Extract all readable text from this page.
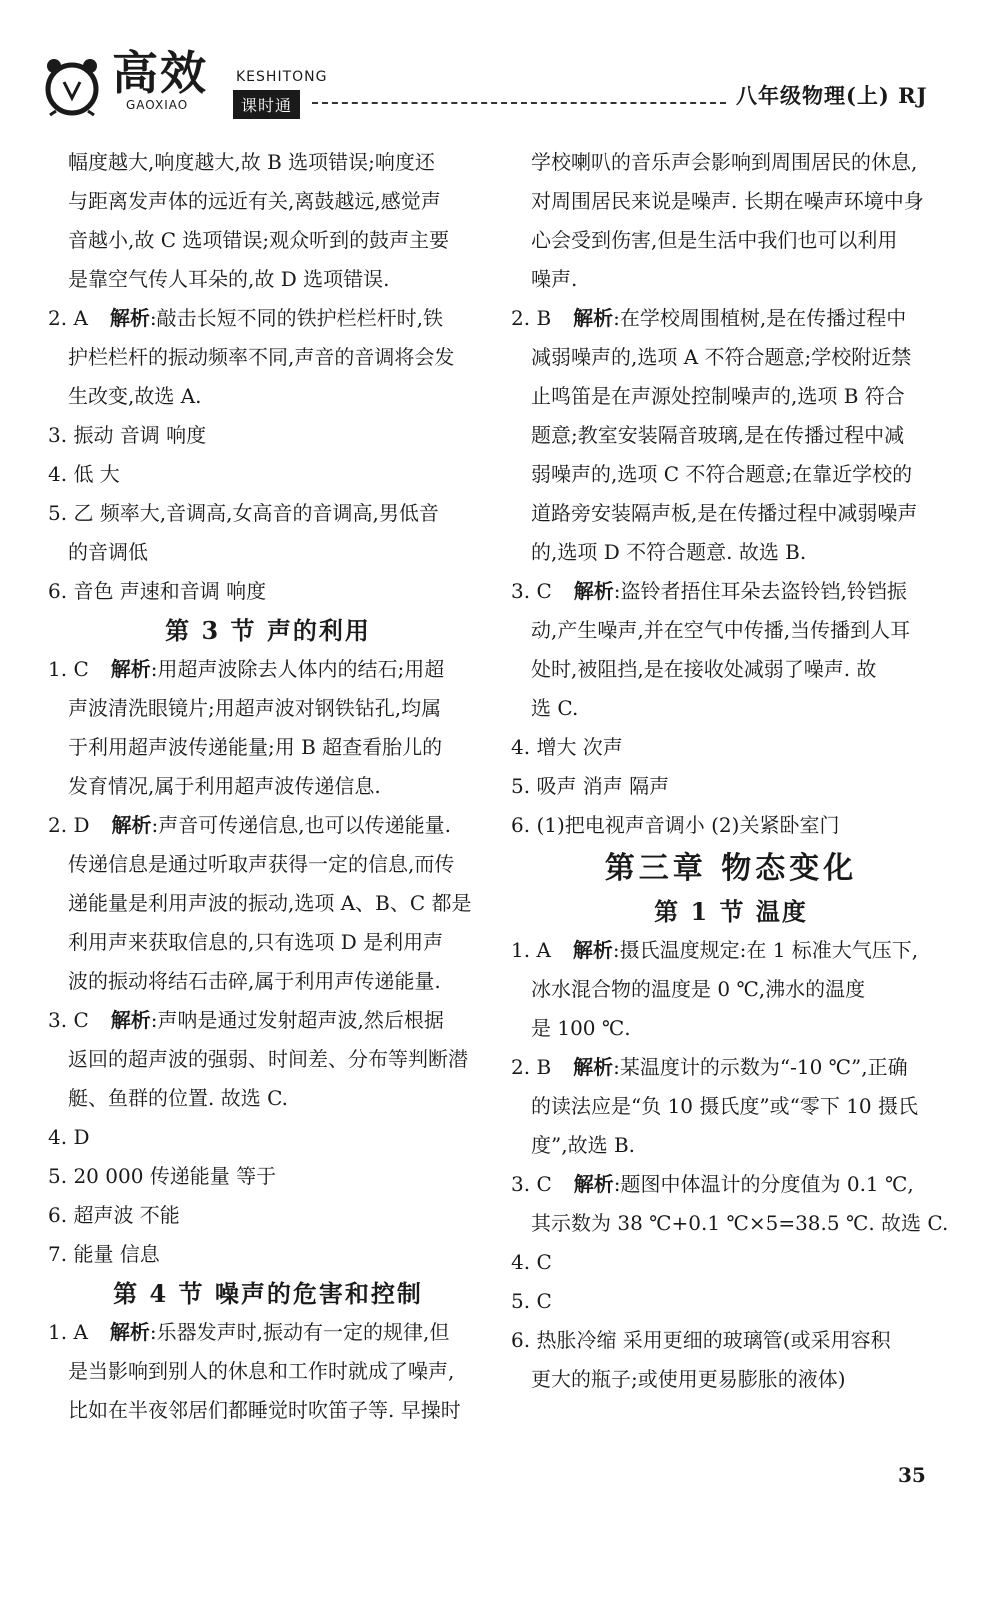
高效 KESHITONG
GAOXIAO	课时通	八年级物理(上) RJ
幅度越大,响度越大,故 B 选项错误;响度还
与距离发声体的远近有关,离鼓越远,感觉声
音越小,故 C 选项错误;观众听到的鼓声主要
是靠空气传人耳朵的,故 D 选项错误.
2. A 解析:敲击长短不同的铁护栏栏杆时,铁
护栏栏杆的振动频率不同,声音的音调将会发
生改变,故选 A.
3. 振动 音调 响度
4. 低 大
5. 乙 频率大,音调高,女高音的音调高,男低音
的音调低
6. 音色 声速和音调 响度
第 3 节 声的利用
1. C 解析:用超声波除去人体内的结石;用超
声波清洗眼镜片;用超声波对钢铁钻孔,均属
于利用超声波传递能量;用 B 超查看胎儿的
发育情况,属于利用超声波传递信息.
2. D 解析:声音可传递信息,也可以传递能量.
传递信息是通过听取声获得一定的信息,而传
递能量是利用声波的振动,选项 A、B、C 都是
利用声来获取信息的,只有选项 D 是利用声
波的振动将结石击碎,属于利用声传递能量.
3. C 解析:声呐是通过发射超声波,然后根据
返回的超声波的强弱、时间差、分布等判断潜
艇、鱼群的位置. 故选 C.
4. D
5. 20 000 传递能量 等于
6. 超声波 不能
7. 能量 信息
第 4 节 噪声的危害和控制
1. A 解析:乐器发声时,振动有一定的规律,但
是当影响到别人的休息和工作时就成了噪声,
比如在半夜邻居们都睡觉时吹笛子等. 早操时
学校喇叭的音乐声会影响到周围居民的休息,
对周围居民来说是噪声. 长期在噪声环境中身
心会受到伤害,但是生活中我们也可以利用
噪声.
2. B 解析:在学校周围植树,是在传播过程中
减弱噪声的,选项 A 不符合题意;学校附近禁
止鸣笛是在声源处控制噪声的,选项 B 符合
题意;教室安装隔音玻璃,是在传播过程中减
弱噪声的,选项 C 不符合题意;在靠近学校的
道路旁安装隔声板,是在传播过程中减弱噪声
的,选项 D 不符合题意. 故选 B.
3. C 解析:盗铃者捂住耳朵去盗铃铛,铃铛振
动,产生噪声,并在空气中传播,当传播到人耳
处时,被阻挡,是在接收处减弱了噪声. 故
选 C.
4. 增大 次声
5. 吸声 消声 隔声
6. (1)把电视声音调小 (2)关紧卧室门
第三章 物态变化
第 1 节 温度
1. A 解析:摄氏温度规定:在 1 标准大气压下,
冰水混合物的温度是 0 ℃,沸水的温度
是 100 ℃.
2. B 解析:某温度计的示数为“-10 ℃”,正确
的读法应是“负 10 摄氏度”或“零下 10 摄氏
度”,故选 B.
3. C 解析:题图中体温计的分度值为 0.1 ℃,
其示数为 38 ℃+0.1 ℃×5=38.5 ℃. 故选 C.
4. C
5. C
6. 热胀冷缩 采用更细的玻璃管(或采用容积
更大的瓶子;或使用更易膨胀的液体)
35
